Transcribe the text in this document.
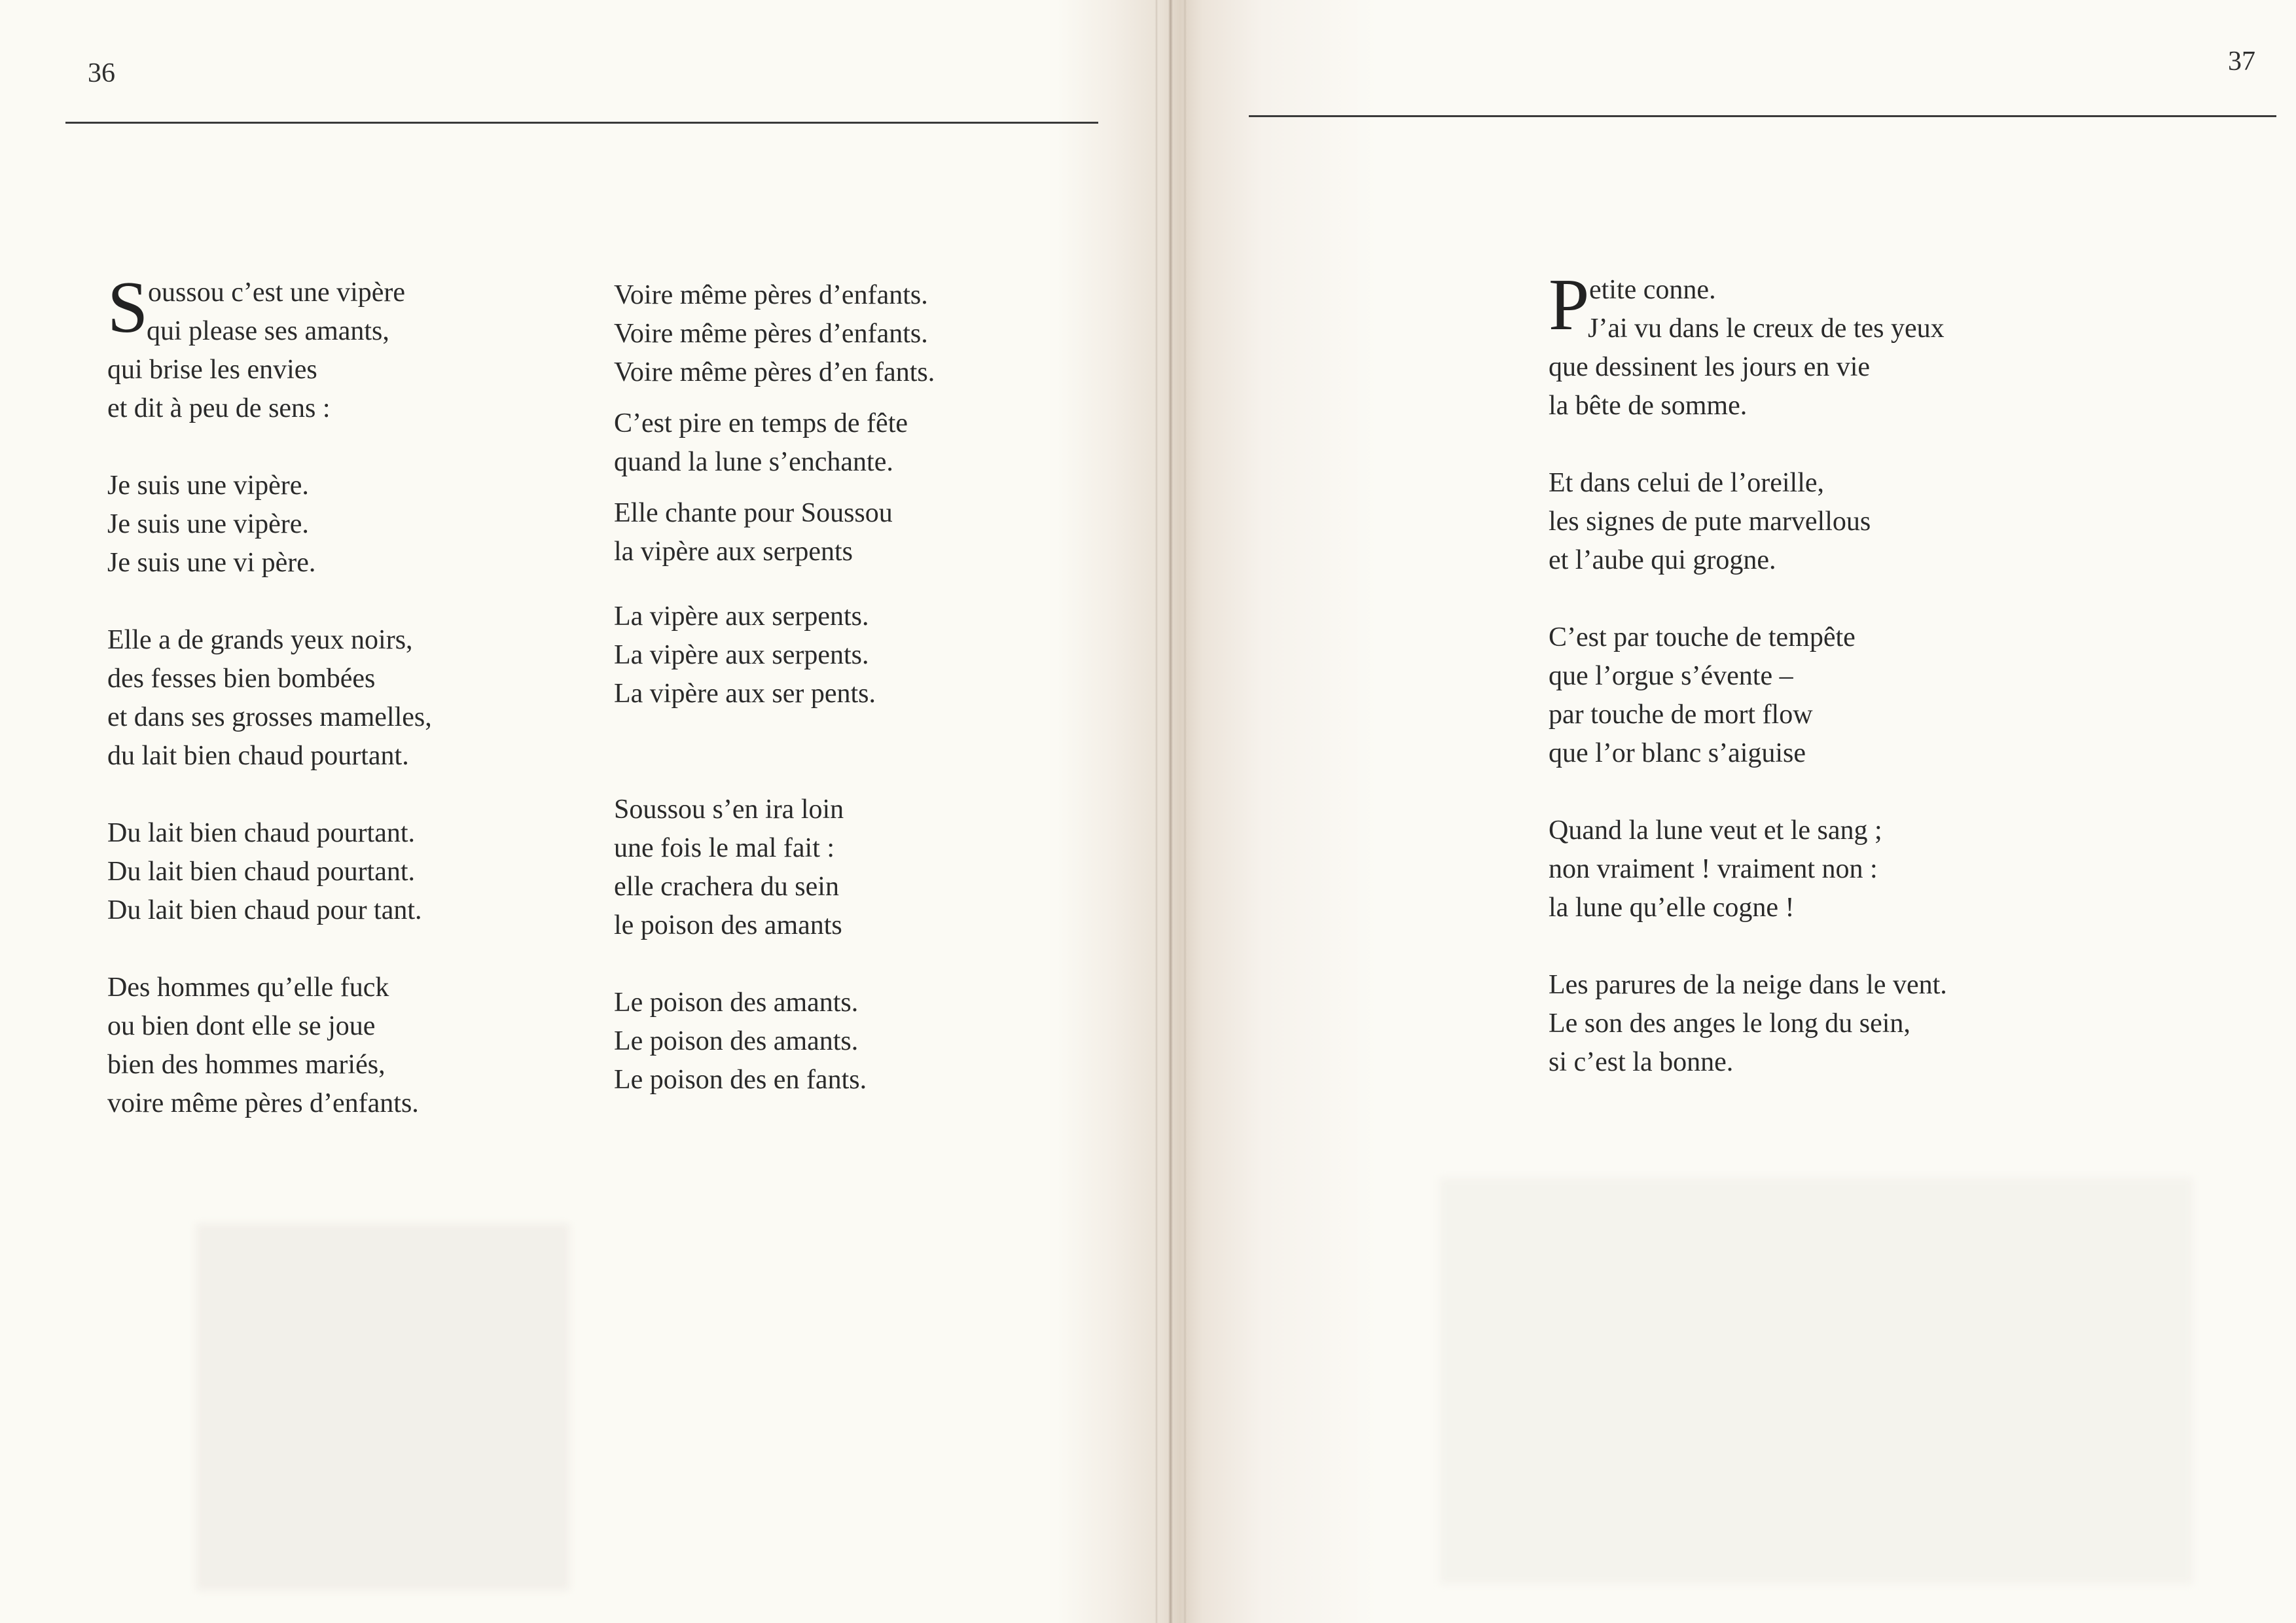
36
S oussou c’est une vipère
qui please ses amants,
qui brise les envies
et dit à peu de sens :
Je suis une vipère.
Je suis une vipère.
Je suis une vi père.
Elle a de grands yeux noirs,
des fesses bien bombées
et dans ses grosses mamelles,
du lait bien chaud pourtant.
Du lait bien chaud pourtant.
Du lait bien chaud pourtant.
Du lait bien chaud pour tant.
Des hommes qu’elle fuck
ou bien dont elle se joue
bien des hommes mariés,
voire même pères d’enfants.
Voire même pères d’enfants.
Voire même pères d’enfants.
Voire même pères d’en fants.
C’est pire en temps de fête
quand la lune s’enchante.
Elle chante pour Soussou
la vipère aux serpents
La vipère aux serpents.
La vipère aux serpents.
La vipère aux ser pents.
Soussou s’en ira loin
une fois le mal fait :
elle crachera du sein
le poison des amants
Le poison des amants.
Le poison des amants.
Le poison des en fants.
37
P etite conne.
J’ai vu dans le creux de tes yeux
que dessinent les jours en vie
la bête de somme.
Et dans celui de l’oreille,
les signes de pute marvellous
et l’aube qui grogne.
C’est par touche de tempête
que l’orgue s’évente –
par touche de mort flow
que l’or blanc s’aiguise
Quand la lune veut et le sang ;
non vraiment ! vraiment non :
la lune qu’elle cogne !
Les parures de la neige dans le vent.
Le son des anges le long du sein,
si c’est la bonne.
